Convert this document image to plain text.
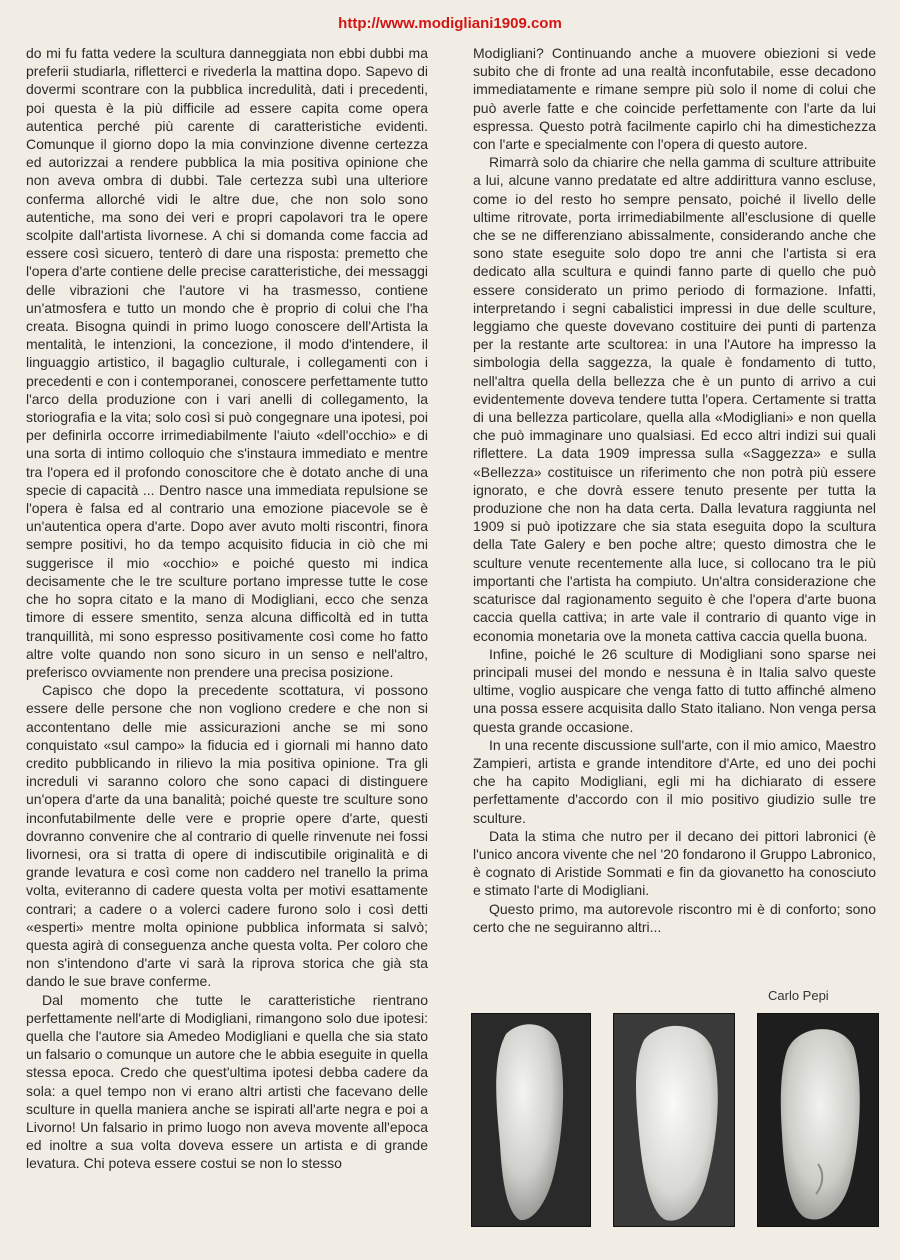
http://www.modigliani1909.com

do mi fu fatta vedere la scultura danneggiata non ebbi dubbi ma preferii studiarla, rifletterci e rivederla la mattina dopo. Sapevo di dovermi scontrare con la pubblica incredulità, dati i precedenti, poi questa è la più difficile ad essere capita come opera autentica perché più carente di caratteristiche evidenti. Comunque il giorno dopo la mia convinzione divenne certezza ed autorizzai a rendere pubblica la mia positiva opinione che non aveva ombra di dubbi. Tale certezza subì una ulteriore conferma allorché vidi le altre due, che non solo sono autentiche, ma sono dei veri e propri capolavori tra le opere scolpite dall'artista livornese. A chi si domanda come faccia ad essere così sicuero, tenterò di dare una risposta: premetto che l'opera d'arte contiene delle precise caratteristiche, dei messaggi delle vibrazioni che l'autore vi ha trasmesso, contiene un'atmosfera e tutto un mondo che è proprio di colui che l'ha creata. Bisogna quindi in primo luogo conoscere dell'Artista la mentalità, le intenzioni, la concezione, il modo d'intendere, il linguaggio artistico, il bagaglio culturale, i collegamenti con i precedenti e con i contemporanei, conoscere perfettamente tutto l'arco della produzione con i vari anelli di collegamento, la storiografia e la vita; solo così si può congegnare una ipotesi, poi per definirla occorre irrimediabilmente l'aiuto «dell'occhio» e di una sorta di intimo colloquio che s'instaura immediato e mentre tra l'opera ed il profondo conoscitore che è dotato anche di una specie di capacità ... Dentro nasce una immediata repulsione se l'opera è falsa ed al contrario una emozione piacevole se è un'autentica opera d'arte. Dopo aver avuto molti riscontri, finora sempre positivi, ho da tempo acquisito fiducia in ciò che mi suggerisce il mio «occhio» e poiché questo mi indica decisamente che le tre sculture portano impresse tutte le cose che ho sopra citato e la mano di Modigliani, ecco che senza timore di essere smentito, senza alcuna difficoltà ed in tutta tranquillità, mi sono espresso positivamente così come ho fatto altre volte quando non sono sicuro in un senso e nell'altro, preferisco ovviamente non prendere una precisa posizione.

Capisco che dopo la precedente scottatura, vi possono essere delle persone che non vogliono credere e che non si accontentano delle mie assicurazioni anche se mi sono conquistato «sul campo» la fiducia ed i giornali mi hanno dato credito pubblicando in rilievo la mia positiva opinione. Tra gli increduli vi saranno coloro che sono capaci di distinguere un'opera d'arte da una banalità; poiché queste tre sculture sono inconfutabilmente delle vere e proprie opere d'arte, questi dovranno convenire che al contrario di quelle rinvenute nei fossi livornesi, ora si tratta di opere di indiscutibile originalità e di grande levatura e così come non caddero nel tranello la prima volta, eviteranno di cadere questa volta per motivi esattamente contrari; a cadere o a volerci cadere furono solo i così detti «esperti» mentre molta opinione pubblica informata si salvò; questa agirà di conseguenza anche questa volta. Per coloro che non s'intendono d'arte vi sarà la riprova storica che già sta dando le sue brave conferme.

Dal momento che tutte le caratteristiche rientrano perfettamente nell'arte di Modigliani, rimangono solo due ipotesi: quella che l'autore sia Amedeo Modigliani e quella che sia stato un falsario o comunque un autore che le abbia eseguite in quella stessa epoca. Credo che quest'ultima ipotesi debba cadere da sola: a quel tempo non vi erano altri artisti che facevano delle sculture in quella maniera anche se ispirati all'arte negra e poi a Livorno! Un falsario in primo luogo non aveva movente all'epoca ed inoltre a sua volta doveva essere un artista e di grande levatura. Chi poteva essere costui se non lo stesso

Modigliani? Continuando anche a muovere obiezioni si vede subito che di fronte ad una realtà inconfutabile, esse decadono immediatamente e rimane sempre più solo il nome di colui che può averle fatte e che coincide perfettamente con l'arte da lui espressa. Questo potrà facilmente capirlo chi ha dimestichezza con l'arte e specialmente con l'opera di questo autore.

Rimarrà solo da chiarire che nella gamma di sculture attribuite a lui, alcune vanno predatate ed altre addirittura vanno escluse, come io del resto ho sempre pensato, poiché il livello delle ultime ritrovate, porta irrimediabilmente all'esclusione di quelle che se ne differenziano abissalmente, considerando anche che sono state eseguite solo dopo tre anni che l'artista si era dedicato alla scultura e quindi fanno parte di quello che può essere considerato un primo periodo di formazione. Infatti, interpretando i segni cabalistici impressi in due delle sculture, leggiamo che queste dovevano costituire dei punti di partenza per la restante arte scultorea: in una l'Autore ha impresso la simbologia della saggezza, la quale è fondamento di tutto, nell'altra quella della bellezza che è un punto di arrivo a cui evidentemente doveva tendere tutta l'opera. Certamente si tratta di una bellezza particolare, quella alla «Modigliani» e non quella che può immaginare uno qualsiasi. Ed ecco altri indizi sui quali riflettere. La data 1909 impressa sulla «Saggezza» e sulla «Bellezza» costituisce un riferimento che non potrà più essere ignorato, e che dovrà essere tenuto presente per tutta la produzione che non ha data certa. Dalla levatura raggiunta nel 1909 si può ipotizzare che sia stata eseguita dopo la scultura della Tate Galery e ben poche altre; questo dimostra che le sculture venute recentemente alla luce, si collocano tra le più importanti che l'artista ha compiuto. Un'altra considerazione che scaturisce dal ragionamento seguito è che l'opera d'arte buona caccia quella cattiva; in arte vale il contrario di quanto vige in economia monetaria ove la moneta cattiva caccia quella buona.

Infine, poiché le 26 sculture di Modigliani sono sparse nei principali musei del mondo e nessuna è in Italia salvo queste ultime, voglio auspicare che venga fatto di tutto affinché almeno una possa essere acquisita dallo Stato italiano. Non venga persa questa grande occasione.

In una recente discussione sull'arte, con il mio amico, Maestro Zampieri, artista e grande intenditore d'Arte, ed uno dei pochi che ha capito Modigliani, egli mi ha dichiarato di essere perfettamente d'accordo con il mio positivo giudizio sulle tre sculture.

Data la stima che nutro per il decano dei pittori labronici (è l'unico ancora vivente che nel '20 fondarono il Gruppo Labronico, è cognato di Aristide Sommati e fin da giovanetto ha conosciuto e stimato l'arte di Modigliani.

Questo primo, ma autorevole riscontro mi è di conforto; sono certo che ne seguiranno altri...

Carlo Pepi
